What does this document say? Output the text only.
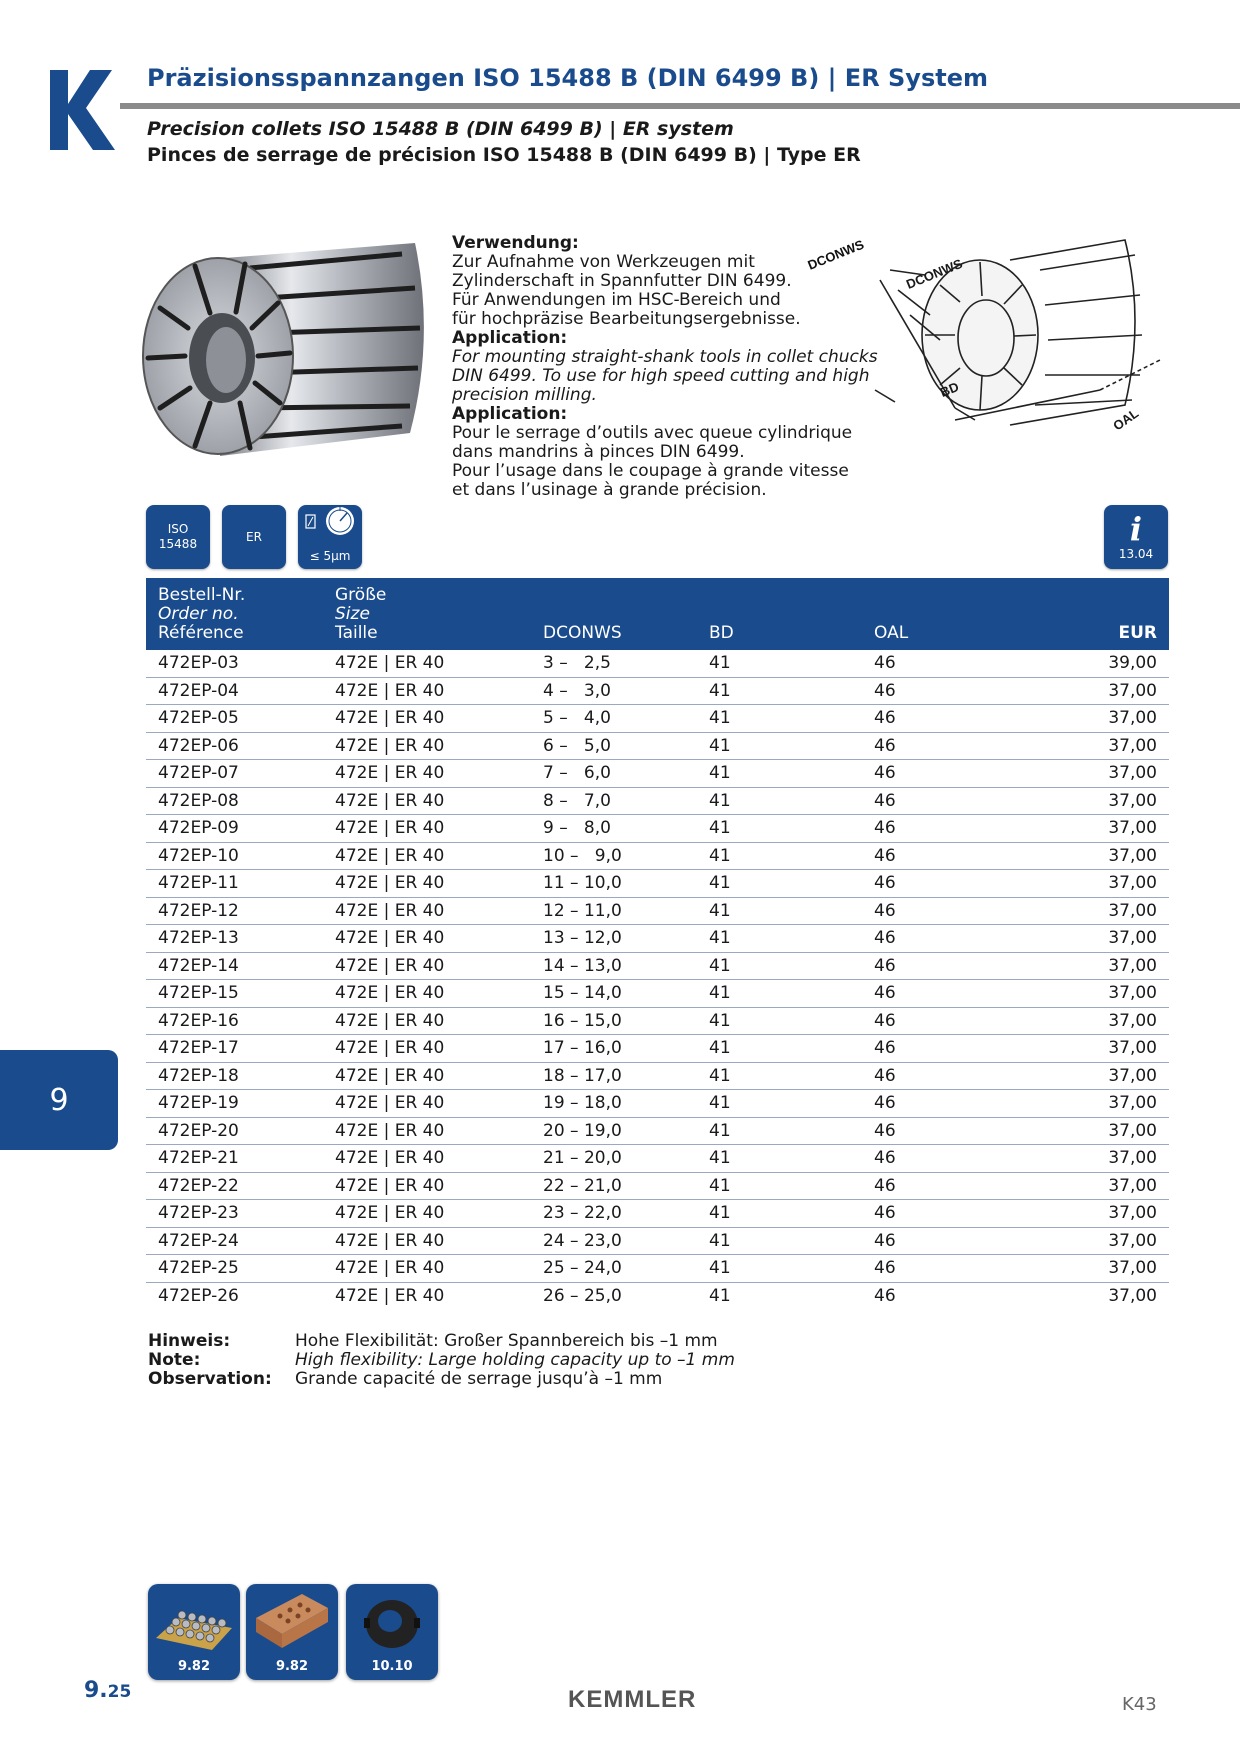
Präzisionsspannzangen ISO 15488 B (DIN 6499 B) | ER System
Precision collets ISO 15488 B (DIN 6499 B) | ER system
Pinces de serrage de précision ISO 15488 B (DIN 6499 B) | Type ER

Verwendung:

Zur Aufnahme von Werkzeugen mit

Zylinderschaft in Spannfutter DIN 6499.

Für Anwendungen im HSC-Bereich und

für hochpräzise Bearbeitungsergebnisse.

Application:

For mounting straight-shank tools in collet chucks

DIN 6499. To use for high speed cutting and high

precision milling.

Application:

Pour le serrage d’outils avec queue cylindrique

dans mandrins à pinces DIN 6499.

Pour l’usage dans le coupage à grande vitesse

et dans l’usinage à grande précision.

DCONWS
DCONWS
BD
OAL
ISO
15488
ER
≤ 5µm
i
13.04
Bestell-Nr.
Order no.
Référence
Größe
Size
Taille	DCONWS	BD	OAL	EUR
472EP-03	472E | ER 40	3 –   2,5	41	46	39,00
472EP-04	472E | ER 40	4 –   3,0	41	46	37,00
472EP-05	472E | ER 40	5 –   4,0	41	46	37,00
472EP-06	472E | ER 40	6 –   5,0	41	46	37,00
472EP-07	472E | ER 40	7 –   6,0	41	46	37,00
472EP-08	472E | ER 40	8 –   7,0	41	46	37,00
472EP-09	472E | ER 40	9 –   8,0	41	46	37,00
472EP-10	472E | ER 40	10 –   9,0	41	46	37,00
472EP-11	472E | ER 40	11 – 10,0	41	46	37,00
472EP-12	472E | ER 40	12 – 11,0	41	46	37,00
472EP-13	472E | ER 40	13 – 12,0	41	46	37,00
472EP-14	472E | ER 40	14 – 13,0	41	46	37,00
472EP-15	472E | ER 40	15 – 14,0	41	46	37,00
472EP-16	472E | ER 40	16 – 15,0	41	46	37,00
472EP-17	472E | ER 40	17 – 16,0	41	46	37,00
472EP-18	472E | ER 40	18 – 17,0	41	46	37,00
472EP-19	472E | ER 40	19 – 18,0	41	46	37,00
472EP-20	472E | ER 40	20 – 19,0	41	46	37,00
472EP-21	472E | ER 40	21 – 20,0	41	46	37,00
472EP-22	472E | ER 40	22 – 21,0	41	46	37,00
472EP-23	472E | ER 40	23 – 22,0	41	46	37,00
472EP-24	472E | ER 40	24 – 23,0	41	46	37,00
472EP-25	472E | ER 40	25 – 24,0	41	46	37,00
472EP-26	472E | ER 40	26 – 25,0	41	46	37,00
9
Hinweis:	Hohe Flexibilität: Großer Spannbereich bis –1 mm
Note:	High flexibility: Large holding capacity up to –1 mm
Observation:	Grande capacité de serrage jusqu’à –1 mm
9.82	9.82	10.10
9.25	KEMMLER	K43
